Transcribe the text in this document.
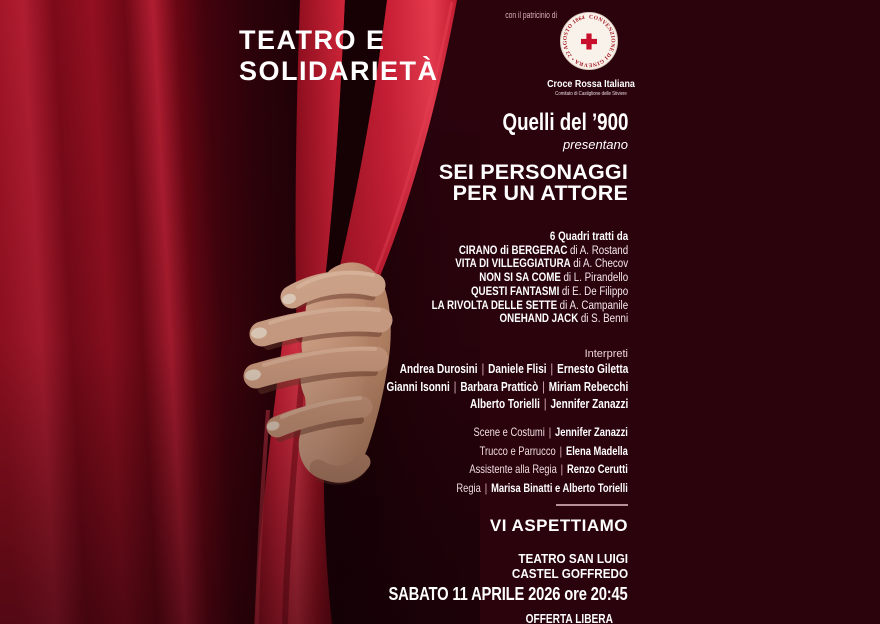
TEATRO E
SOLIDARIETÀ
con il patricinio di	CONVENZIONE DI GINEVRA • 22 AGOSTO 1864
Croce Rossa Italiana
Comitato di Castiglione delle Stiviere
Quelli del ’900
presentano
SEI PERSONAGGI
PER UN ATTORE
6 Quadri tratti da
CIRANO di BERGERAC di A. Rostand
VITA DI VILLEGGIATURA di A. Checov
NON SI SA COME di L. Pirandello
QUESTI FANTASMI di E. De Filippo
LA RIVOLTA DELLE SETTE di A. Campanile
ONEHAND JACK di S. Benni
Interpreti
Andrea Durosini | Daniele Flisi | Ernesto Giletta
Gianni Isonni | Barbara Pratticò | Miriam Rebecchi
Alberto Torielli | Jennifer Zanazzi
Scene e Costumi | Jennifer Zanazzi
Trucco e Parrucco | Elena Madella
Assistente alla Regia | Renzo Cerutti
Regia | Marisa Binatti e Alberto Torielli
VI ASPETTIAMO
TEATRO SAN LUIGI
CASTEL GOFFREDO
SABATO 11 APRILE 2026 ore 20:45
OFFERTA LIBERA
